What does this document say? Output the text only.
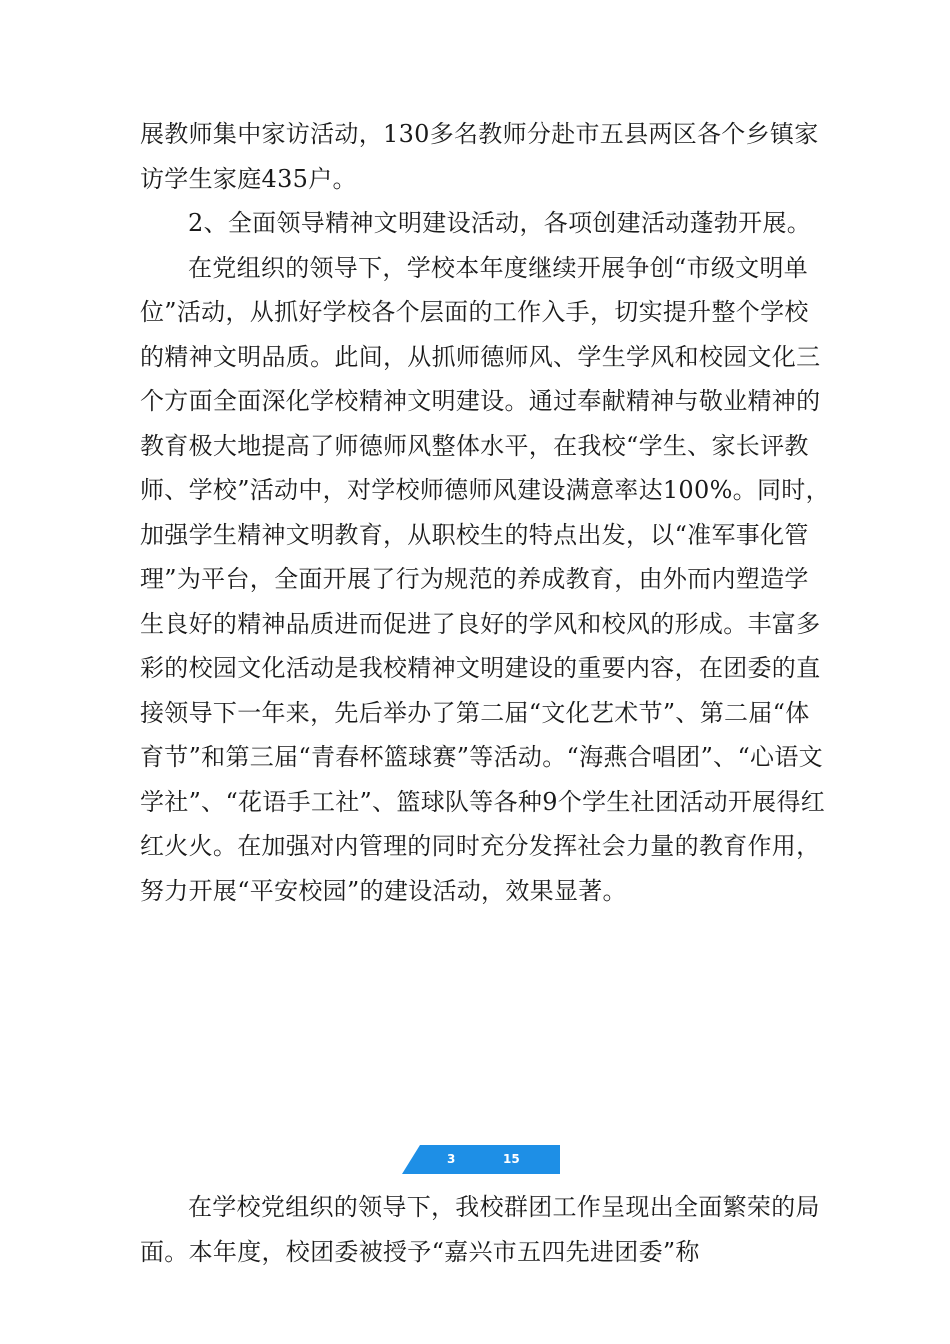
展教师集中家访活动，130多名教师分赴市五县两区各个乡镇家访学生家庭435户。

2、全面领导精神文明建设活动，各项创建活动蓬勃开展。

在党组织的领导下，学校本年度继续开展争创“市级文明单位”活动，从抓好学校各个层面的工作入手，切实提升整个学校的精神文明品质。此间，从抓师德师风、学生学风和校园文化三个方面全面深化学校精神文明建设。通过奉献精神与敬业精神的教育极大地提高了师德师风整体水平，在我校“学生、家长评教师、学校”活动中，对学校师德师风建设满意率达100%。同时，加强学生精神文明教育，从职校生的特点出发，以“准军事化管理”为平台，全面开展了行为规范的养成教育，由外而内塑造学生良好的精神品质进而促进了良好的学风和校风的形成。丰富多彩的校园文化活动是我校精神文明建设的重要内容，在团委的直接领导下一年来，先后举办了第二届“文化艺术节”、第二届“体育节”和第三届“青春杯篮球赛”等活动。“海燕合唱团”、“心语文学社”、“花语手工社”、篮球队等各种9个学生社团活动开展得红红火火。在加强对内管理的同时充分发挥社会力量的教育作用，努力开展“平安校园”的建设活动，效果显著。

3	15

在学校党组织的领导下，我校群团工作呈现出全面繁荣的局面。本年度，校团委被授予“嘉兴市五四先进团委”称
